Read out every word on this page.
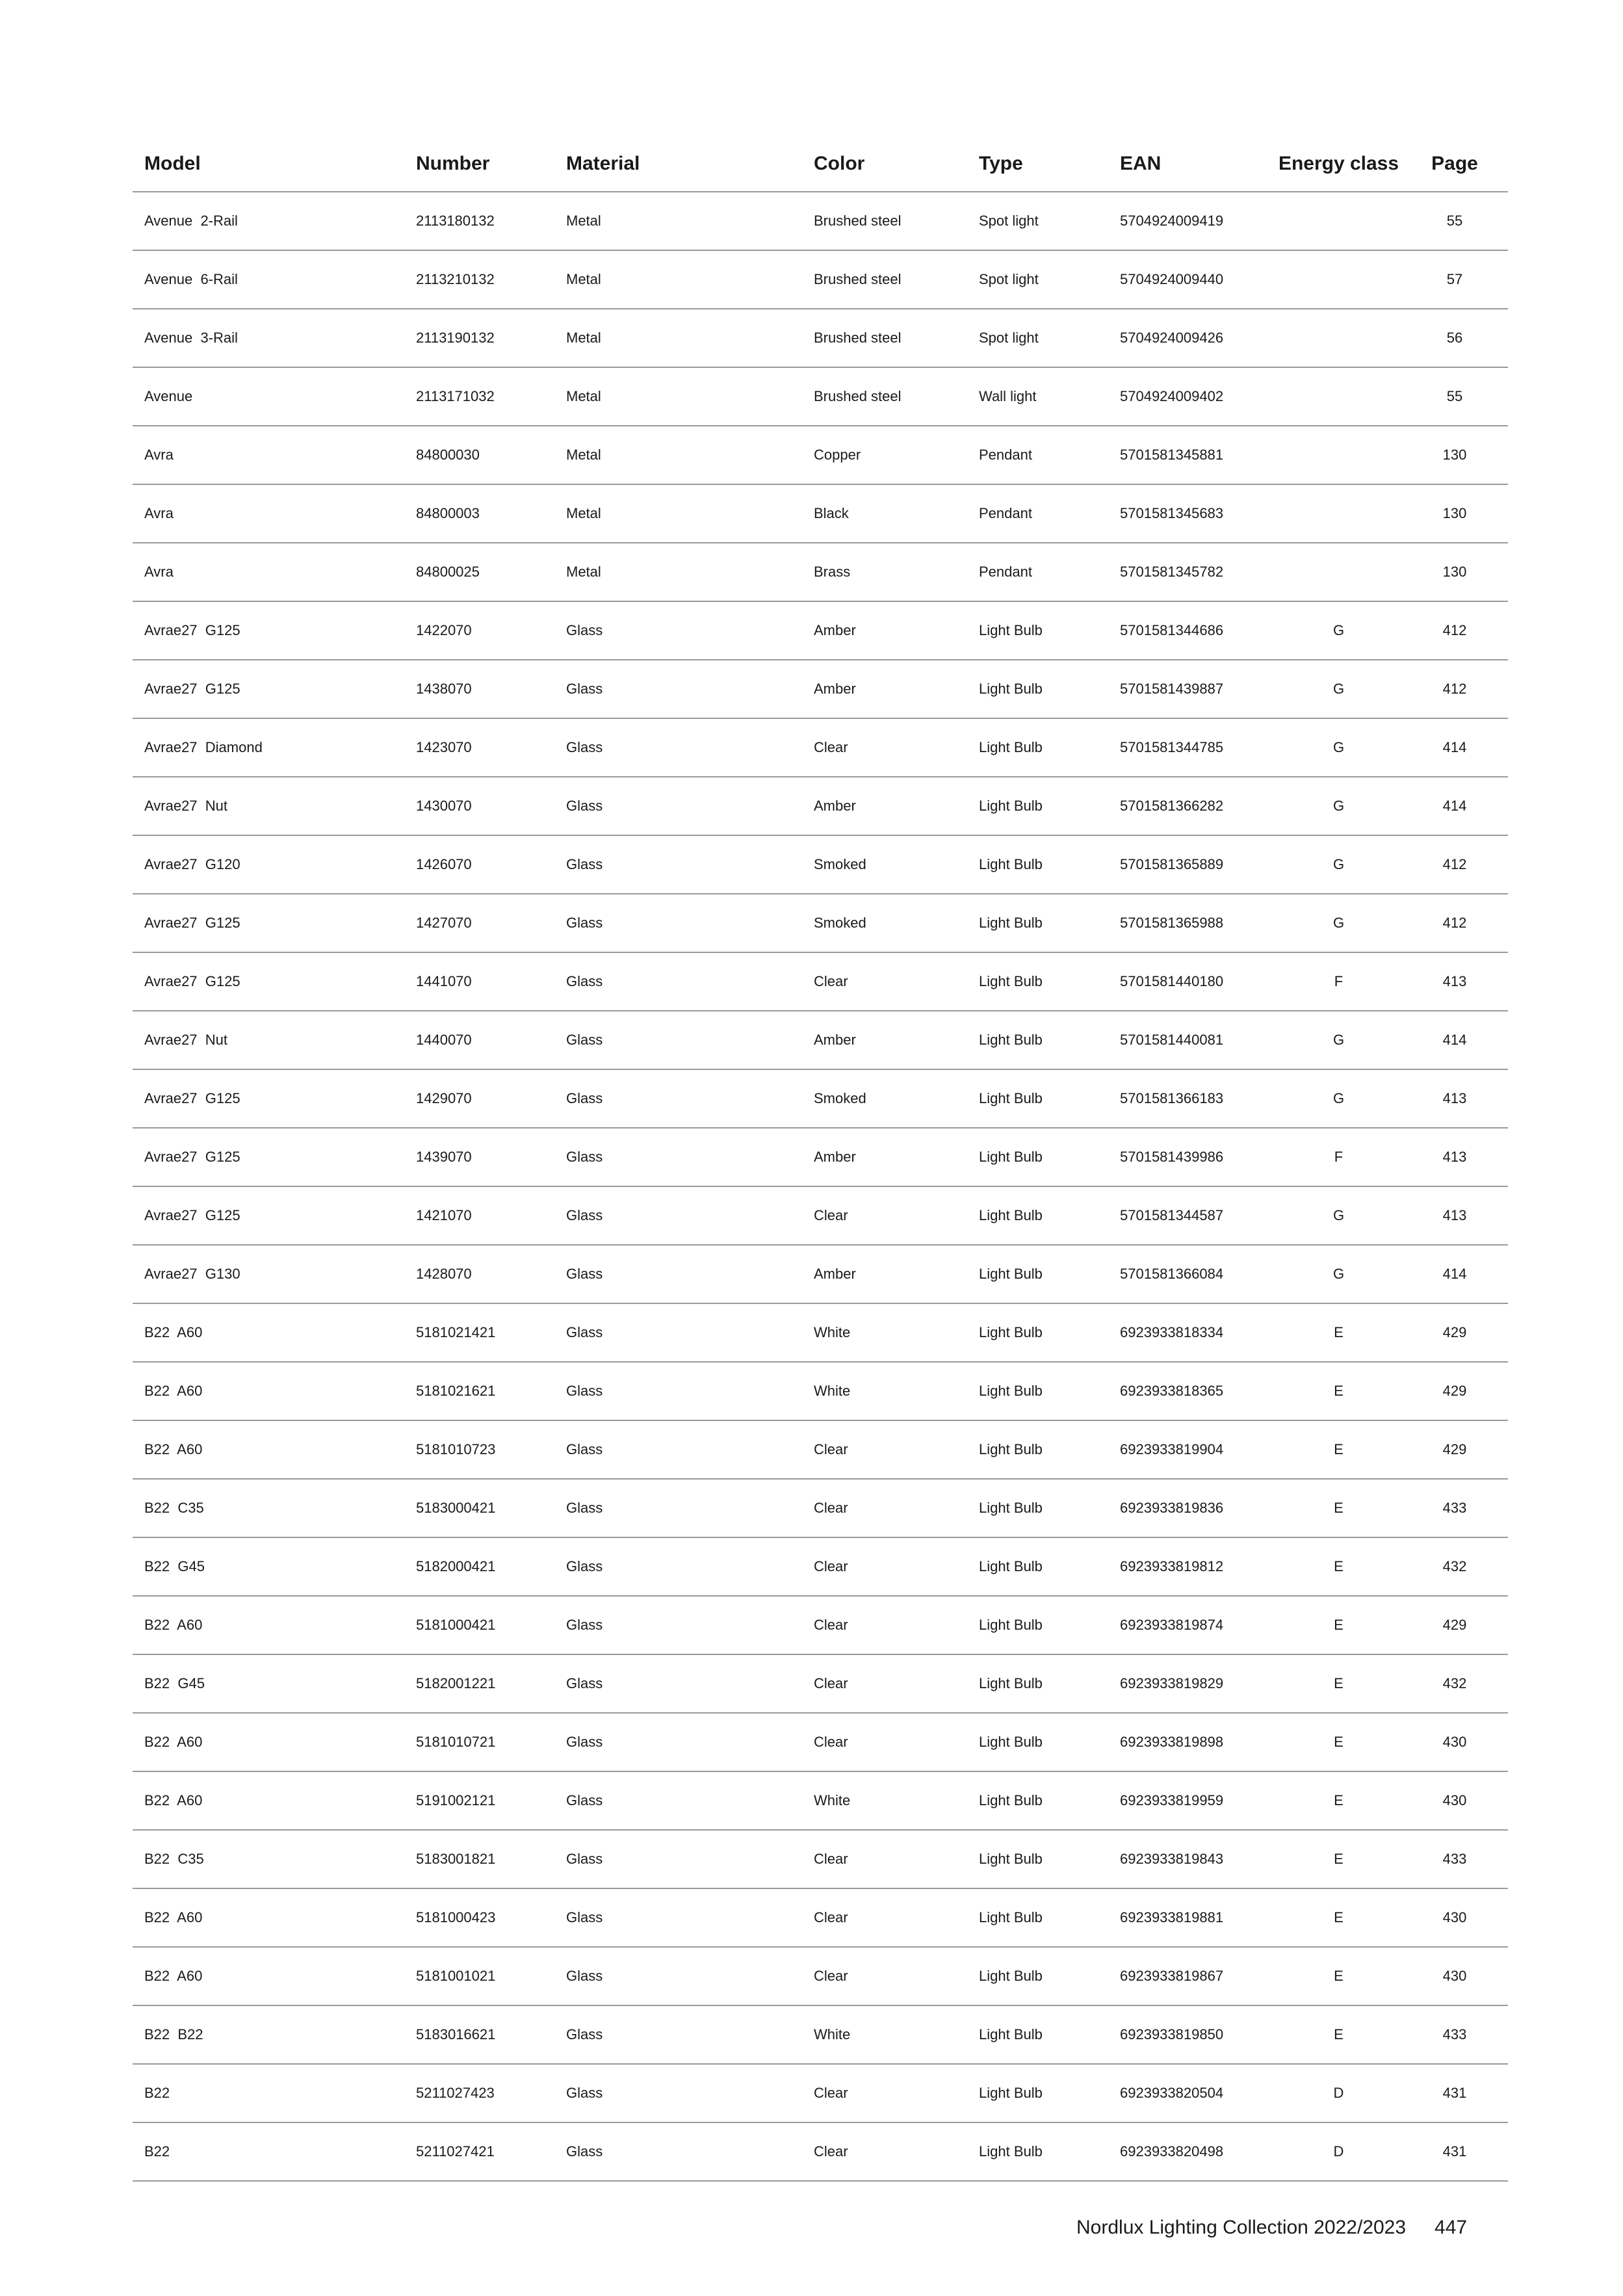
Model	Number	Material	Color	Type	EAN	Energy class	Page
Avenue  2-Rail	2113180132	Metal	Brushed steel	Spot light	5704924009419		55
Avenue  6-Rail	2113210132	Metal	Brushed steel	Spot light	5704924009440		57
Avenue  3-Rail	2113190132	Metal	Brushed steel	Spot light	5704924009426		56
Avenue	2113171032	Metal	Brushed steel	Wall light	5704924009402		55
Avra	84800030	Metal	Copper	Pendant	5701581345881		130
Avra	84800003	Metal	Black	Pendant	5701581345683		130
Avra	84800025	Metal	Brass	Pendant	5701581345782		130
Avrae27  G125	1422070	Glass	Amber	Light Bulb	5701581344686	G	412
Avrae27  G125	1438070	Glass	Amber	Light Bulb	5701581439887	G	412
Avrae27  Diamond	1423070	Glass	Clear	Light Bulb	5701581344785	G	414
Avrae27  Nut	1430070	Glass	Amber	Light Bulb	5701581366282	G	414
Avrae27  G120	1426070	Glass	Smoked	Light Bulb	5701581365889	G	412
Avrae27  G125	1427070	Glass	Smoked	Light Bulb	5701581365988	G	412
Avrae27  G125	1441070	Glass	Clear	Light Bulb	5701581440180	F	413
Avrae27  Nut	1440070	Glass	Amber	Light Bulb	5701581440081	G	414
Avrae27  G125	1429070	Glass	Smoked	Light Bulb	5701581366183	G	413
Avrae27  G125	1439070	Glass	Amber	Light Bulb	5701581439986	F	413
Avrae27  G125	1421070	Glass	Clear	Light Bulb	5701581344587	G	413
Avrae27  G130	1428070	Glass	Amber	Light Bulb	5701581366084	G	414
B22  A60	5181021421	Glass	White	Light Bulb	6923933818334	E	429
B22  A60	5181021621	Glass	White	Light Bulb	6923933818365	E	429
B22  A60	5181010723	Glass	Clear	Light Bulb	6923933819904	E	429
B22  C35	5183000421	Glass	Clear	Light Bulb	6923933819836	E	433
B22  G45	5182000421	Glass	Clear	Light Bulb	6923933819812	E	432
B22  A60	5181000421	Glass	Clear	Light Bulb	6923933819874	E	429
B22  G45	5182001221	Glass	Clear	Light Bulb	6923933819829	E	432
B22  A60	5181010721	Glass	Clear	Light Bulb	6923933819898	E	430
B22  A60	5191002121	Glass	White	Light Bulb	6923933819959	E	430
B22  C35	5183001821	Glass	Clear	Light Bulb	6923933819843	E	433
B22  A60	5181000423	Glass	Clear	Light Bulb	6923933819881	E	430
B22  A60	5181001021	Glass	Clear	Light Bulb	6923933819867	E	430
B22  B22	5183016621	Glass	White	Light Bulb	6923933819850	E	433
B22	5211027423	Glass	Clear	Light Bulb	6923933820504	D	431
B22	5211027421	Glass	Clear	Light Bulb	6923933820498	D	431
Nordlux Lighting Collection 2022/2023 447
